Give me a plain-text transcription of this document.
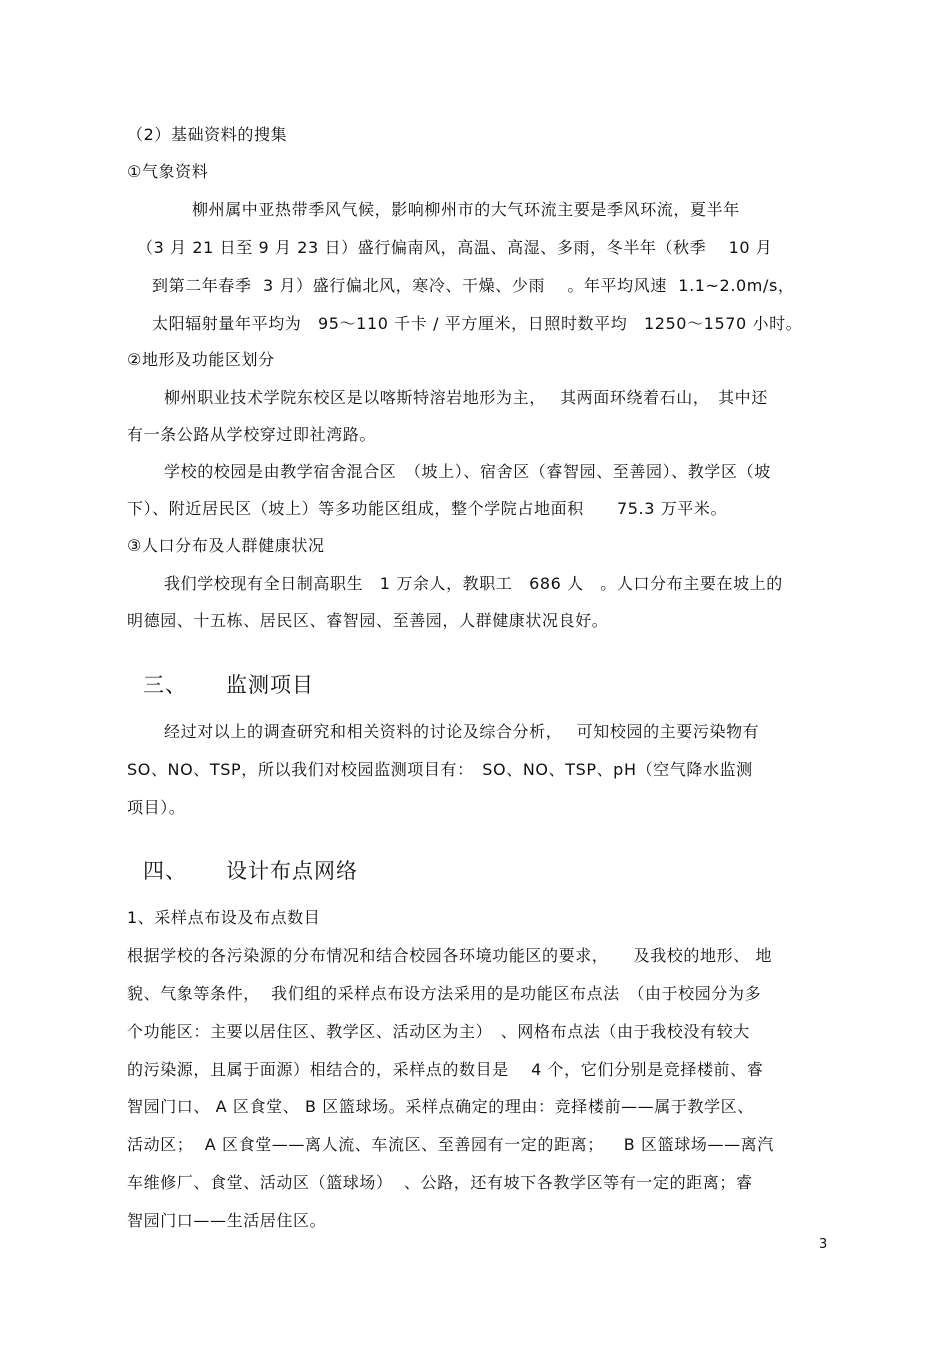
（2）基础资料的搜集
①气象资料
柳州属中亚热带季风气候，影响柳州市的大气环流主要是季风环流，夏半年
（3 月 21 日至 9 月 23 日）盛行偏南风，高温、高湿、多雨，冬半年（秋季　 10 月
到第二年春季  3 月）盛行偏北风，寒冷、干燥、少雨　 。年平均风速  1.1~2.0m/s，
太阳辐射量年平均为　95～110 千卡 / 平方厘米，日照时数平均　1250～1570 小时。
②地形及功能区划分
柳州职业技术学院东校区是以喀斯特溶岩地形为主，　 其两面环绕着石山，　其中还
有一条公路从学校穿过即社湾路。
学校的校园是由教学宿舍混合区　（坡上）、宿舍区（睿智园、至善园）、教学区（坡
下）、附近居民区（坡上）等多功能区组成，整个学院占地面积　　75.3 万平米。
③人口分布及人群健康状况
我们学校现有全日制高职生　1 万余人，教职工　686 人　。人口分布主要在坡上的
明德园、十五栋、居民区、睿智园、至善园，人群健康状况良好。
三、 监测项目
经过对以上的调查研究和相关资料的讨论及综合分析，　 可知校园的主要污染物有
SO、NO、TSP，所以我们对校园监测项目有：　SO、NO、TSP、pH（空气降水监测
项目）。
四、 设计布点网络
1、采样点布设及布点数目
根据学校的各污染源的分布情况和结合校园各环境功能区的要求，　　及我校的地形、 地
貌、气象等条件，  我们组的采样点布设方法采用的是功能区布点法　（由于校园分为多
个功能区：主要以居住区、教学区、活动区为主）　、网格布点法（由于我校没有较大
的污染源，且属于面源）相结合的，采样点的数目是　 4 个，它们分别是竞择楼前、睿
智园门口、 A 区食堂、 B 区篮球场。采样点确定的理由：竞择楼前——属于教学区、
活动区；  A 区食堂——离人流、车流区、至善园有一定的距离；　  B 区篮球场——离汽
车维修厂、食堂、活动区（篮球场）  、公路，还有坡下各教学区等有一定的距离；睿
智园门口——生活居住区。
3
